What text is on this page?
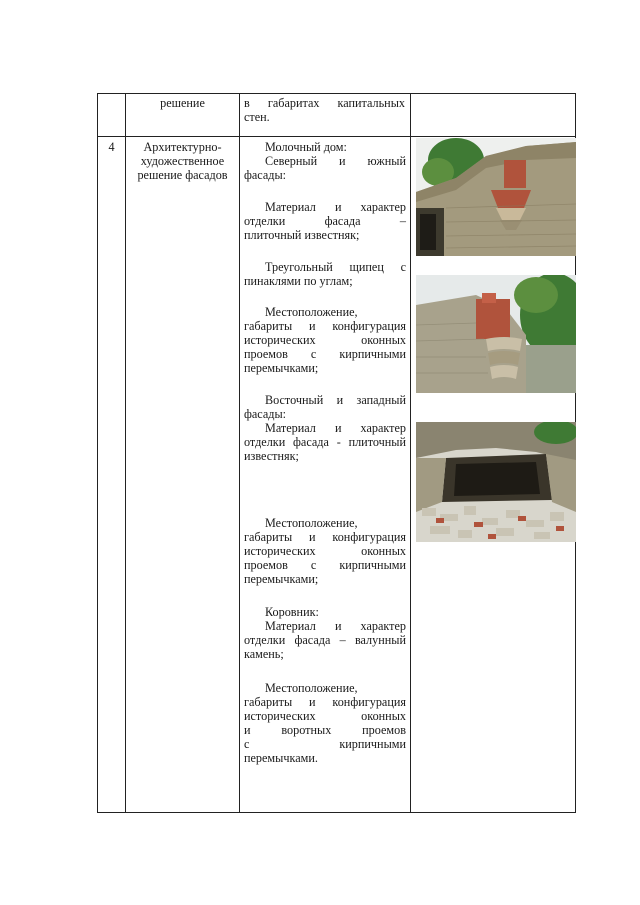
решение	в габаритах капитальных
стен.
4	Архитектурно-
художественное
решение фасадов
Молочный дом:
Северный и южный
фасады:
Материал и характер
отделки фасада –
плиточный известняк;
Треугольный щипец с
пинаклями по углам;
Местоположение,
габариты и конфигурация
исторических оконных
проемов с кирпичными
перемычками;
Восточный и западный
фасады:
Материал и характер
отделки фасада - плиточный
известняк;
Местоположение,
габариты и конфигурация
исторических оконных
проемов с кирпичными
перемычками;
Коровник:
Материал и характер
отделки фасада – валунный
камень;
Местоположение,
габариты и конфигурация
исторических оконных
и воротных проемов
с кирпичными
перемычками.
